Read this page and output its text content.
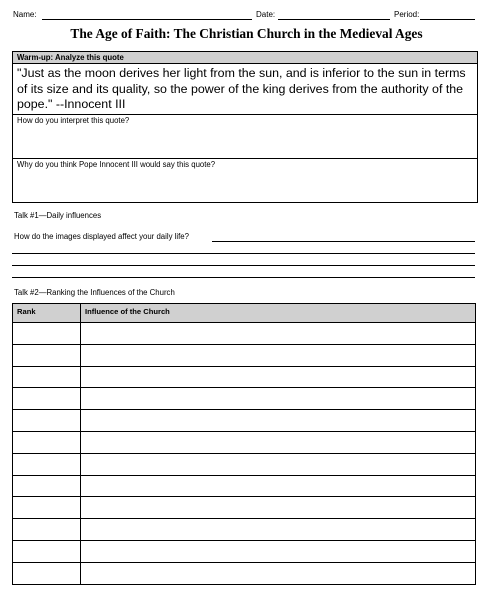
Name:	Date:	Period:
The Age of Faith: The Christian Church in the Medieval Ages
Warm-up: Analyze this quote
"Just as the moon derives her light from the sun, and is inferior to the sun in terms of its size and its quality, so the power of the king derives from the authority of the pope." --Innocent III
How do you interpret this quote?
Why do you think Pope Innocent III would say this quote?
Talk #1—Daily influences
How do the images displayed affect your daily life?
Talk #2—Ranking the Influences of the Church
Rank	Influence of the Church
